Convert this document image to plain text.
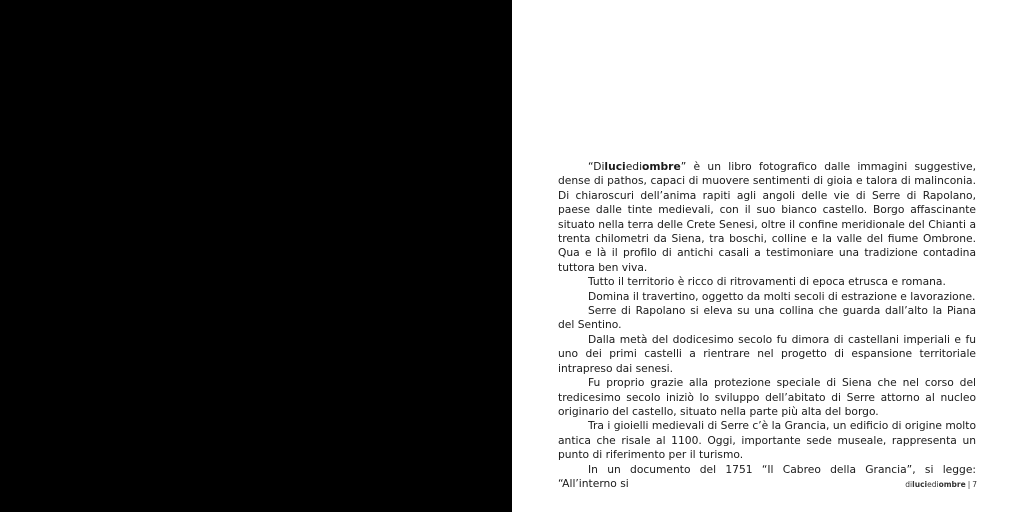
“Diluciediombre” è un libro fotografico dalle immagini suggestive, dense di pathos, capaci di muovere sentimenti di gioia e talora di malinconia. Di chiaroscuri dell’anima rapiti agli angoli delle vie di Serre di Rapolano, paese dalle tinte medievali, con il suo bianco castello. Borgo affascinante situato nella terra delle Crete Senesi, oltre il confine meridionale del Chianti a trenta chilometri da Siena, tra boschi, colline e la valle del fiume Ombrone. Qua e là il profilo di antichi casali a testimoniare una tradizione contadina tuttora ben viva.

Tutto il territorio è ricco di ritrovamenti di epoca etrusca e romana.

Domina il travertino, oggetto da molti secoli di estrazione e lavorazione.

Serre di Rapolano si eleva su una collina che guarda dall’alto la Piana del Sentino.

Dalla metà del dodicesimo secolo fu dimora di castellani imperiali e fu uno dei primi castelli a rientrare nel progetto di espansione territoriale intrapreso dai senesi.

Fu proprio grazie alla protezione speciale di Siena che nel corso del tredicesimo secolo iniziò lo sviluppo dell’abitato di Serre attorno al nucleo originario del castello, situato nella parte più alta del borgo.

Tra i gioielli medievali di Serre c’è la Grancia, un edificio di origine molto antica che risale al 1100. Oggi, importante sede museale, rappresenta un punto di riferimento per il turismo.

In un documento del 1751 “Il Cabreo della Grancia”, si legge: “All’interno si	diluciediombre | 7
